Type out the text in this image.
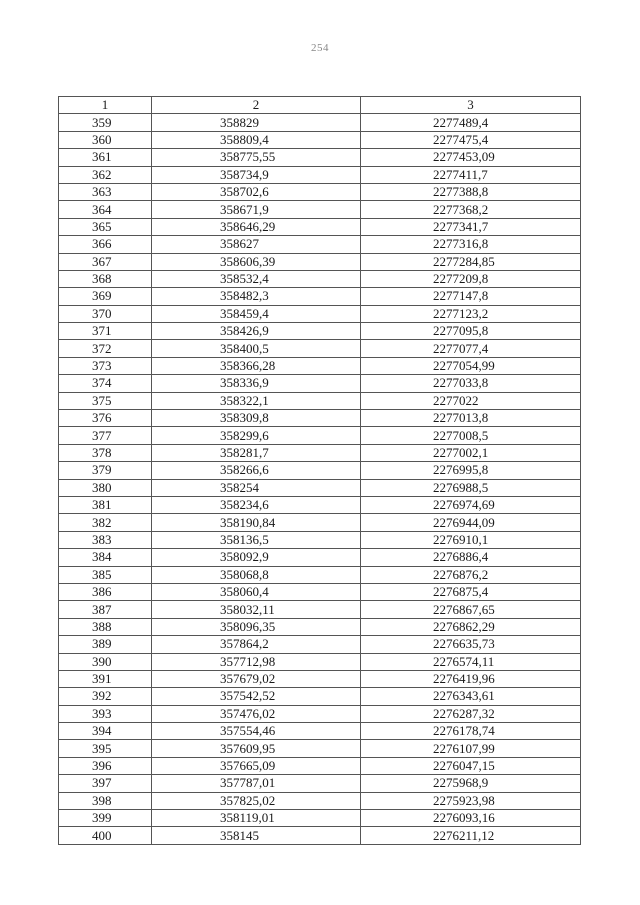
254
1	2	3
359	358829	2277489,4
360	358809,4	2277475,4
361	358775,55	2277453,09
362	358734,9	2277411,7
363	358702,6	2277388,8
364	358671,9	2277368,2
365	358646,29	2277341,7
366	358627	2277316,8
367	358606,39	2277284,85
368	358532,4	2277209,8
369	358482,3	2277147,8
370	358459,4	2277123,2
371	358426,9	2277095,8
372	358400,5	2277077,4
373	358366,28	2277054,99
374	358336,9	2277033,8
375	358322,1	2277022
376	358309,8	2277013,8
377	358299,6	2277008,5
378	358281,7	2277002,1
379	358266,6	2276995,8
380	358254	2276988,5
381	358234,6	2276974,69
382	358190,84	2276944,09
383	358136,5	2276910,1
384	358092,9	2276886,4
385	358068,8	2276876,2
386	358060,4	2276875,4
387	358032,11	2276867,65
388	358096,35	2276862,29
389	357864,2	2276635,73
390	357712,98	2276574,11
391	357679,02	2276419,96
392	357542,52	2276343,61
393	357476,02	2276287,32
394	357554,46	2276178,74
395	357609,95	2276107,99
396	357665,09	2276047,15
397	357787,01	2275968,9
398	357825,02	2275923,98
399	358119,01	2276093,16
400	358145	2276211,12
